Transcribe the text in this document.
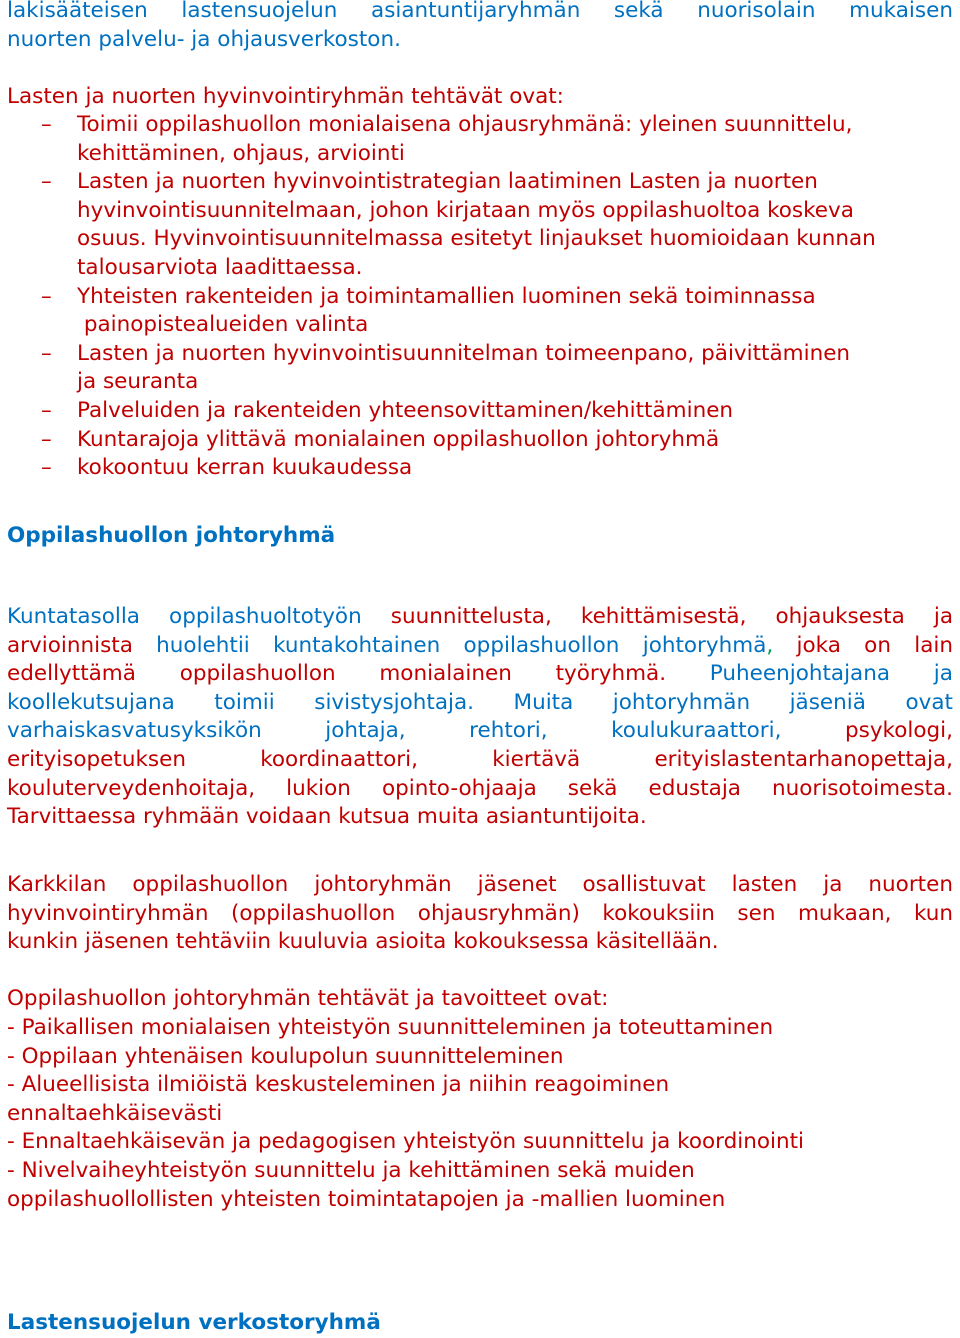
lakisääteisen lastensuojelun asiantuntijaryhmän sekä nuorisolain mukaisen
nuorten palvelu- ja ohjausverkoston.
Lasten ja nuorten hyvinvointiryhmän tehtävät ovat:
–	Toimii oppilashuollon monialaisena ohjausryhmänä: yleinen suunnittelu,
kehittäminen, ohjaus, arviointi
–	Lasten ja nuorten hyvinvointistrategian laatiminen Lasten ja nuorten
hyvinvointisuunnitelmaan, johon kirjataan myös oppilashuoltoa koskeva
osuus. Hyvinvointisuunnitelmassa esitetyt linjaukset huomioidaan kunnan
talousarviota laadittaessa.
–	Yhteisten rakenteiden ja toimintamallien luominen sekä toiminnassa
painopistealueiden valinta
–	Lasten ja nuorten hyvinvointisuunnitelman toimeenpano, päivittäminen
ja seuranta
–	Palveluiden ja rakenteiden yhteensovittaminen/kehittäminen
–	Kuntarajoja ylittävä monialainen oppilashuollon johtoryhmä
–	kokoontuu kerran kuukaudessa
Oppilashuollon johtoryhmä
Kuntatasolla oppilashuoltotyön suunnittelusta, kehittämisestä, ohjauksesta ja
arvioinnista huolehtii kuntakohtainen oppilashuollon johtoryhmä, joka on lain
edellyttämä oppilashuollon monialainen työryhmä. Puheenjohtajana ja
koollekutsujana toimii sivistysjohtaja. Muita johtoryhmän jäseniä ovat
varhaiskasvatusyksikön	johtaja,	rehtori,	koulukuraattori,	psykologi,
erityisopetuksen	koordinaattori,	kiertävä	erityislastentarhanopettaja,
kouluterveydenhoitaja, lukion opinto-ohjaaja sekä edustaja nuorisotoimesta.
Tarvittaessa ryhmään voidaan kutsua muita asiantuntijoita.
Karkkilan oppilashuollon johtoryhmän jäsenet osallistuvat lasten ja nuorten
hyvinvointiryhmän (oppilashuollon ohjausryhmän) kokouksiin sen mukaan, kun
kunkin jäsenen tehtäviin kuuluvia asioita kokouksessa käsitellään.
Oppilashuollon johtoryhmän tehtävät ja tavoitteet ovat:
- Paikallisen monialaisen yhteistyön suunnitteleminen ja toteuttaminen
- Oppilaan yhtenäisen koulupolun suunnitteleminen
- Alueellisista ilmiöistä keskusteleminen ja niihin reagoiminen
ennaltaehkäisevästi
- Ennaltaehkäisevän ja pedagogisen yhteistyön suunnittelu ja koordinointi
- Nivelvaiheyhteistyön suunnittelu ja kehittäminen sekä muiden
oppilashuollollisten yhteisten toimintatapojen ja -mallien luominen
Lastensuojelun verkostoryhmä
